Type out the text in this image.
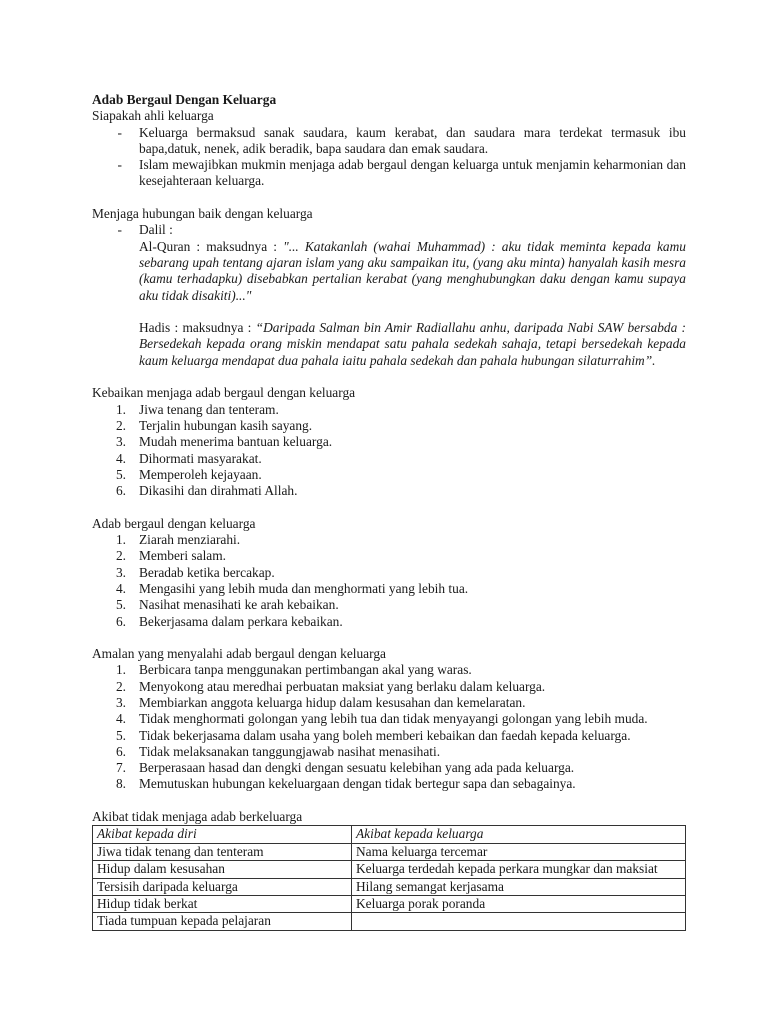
Adab Bergaul Dengan Keluarga

Siapakah ahli keluarga

- Keluarga bermaksud sanak saudara, kaum kerabat, dan saudara mara terdekat termasuk ibu bapa,datuk, nenek, adik beradik, bapa saudara dan emak saudara.
- Islam mewajibkan mukmin menjaga adab bergaul dengan keluarga untuk menjamin keharmonian dan kesejahteraan keluarga.

Menjaga hubungan baik dengan keluarga

- Dalil :
Al-Quran : maksudnya : "... Katakanlah (wahai Muhammad) : aku tidak meminta kepada kamu sebarang upah tentang ajaran islam yang aku sampaikan itu, (yang aku minta) hanyalah kasih mesra (kamu terhadapku) disebabkan pertalian kerabat (yang menghubungkan daku dengan kamu supaya aku tidak disakiti)..."
Hadis : maksudnya : “Daripada Salman bin Amir Radiallahu anhu, daripada Nabi SAW bersabda : Bersedekah kepada orang miskin mendapat satu pahala sedekah sahaja, tetapi bersedekah kepada kaum keluarga mendapat dua pahala iaitu pahala sedekah dan pahala hubungan silaturrahim”.

Kebaikan menjaga adab bergaul dengan keluarga

1. Jiwa tenang dan tenteram.
2. Terjalin hubungan kasih sayang.
3. Mudah menerima bantuan keluarga.
4. Dihormati masyarakat.
5. Memperoleh kejayaan.
6. Dikasihi dan dirahmati Allah.

Adab bergaul dengan keluarga

1. Ziarah menziarahi.
2. Memberi salam.
3. Beradab ketika bercakap.
4. Mengasihi yang lebih muda dan menghormati yang lebih tua.
5. Nasihat menasihati ke arah kebaikan.
6. Bekerjasama dalam perkara kebaikan.

Amalan yang menyalahi adab bergaul dengan keluarga

1. Berbicara tanpa menggunakan pertimbangan akal yang waras.
2. Menyokong atau meredhai perbuatan maksiat yang berlaku dalam keluarga.
3. Membiarkan anggota keluarga hidup dalam kesusahan dan kemelaratan.
4. Tidak menghormati golongan yang lebih tua dan tidak menyayangi golongan yang lebih muda.
5. Tidak bekerjasama dalam usaha yang boleh memberi kebaikan dan faedah kepada keluarga.
6. Tidak melaksanakan tanggungjawab nasihat menasihati.
7. Berperasaan hasad dan dengki dengan sesuatu kelebihan yang ada pada keluarga.
8. Memutuskan hubungan kekeluargaan dengan tidak bertegur sapa dan sebagainya.

Akibat tidak menjaga adab berkeluarga

Akibat kepada diri	Akibat kepada keluarga
Jiwa tidak tenang dan tenteram	Nama keluarga tercemar
Hidup dalam kesusahan	Keluarga terdedah kepada perkara mungkar dan maksiat
Tersisih daripada keluarga	Hilang semangat kerjasama
Hidup tidak berkat	Keluarga porak poranda
Tiada tumpuan kepada pelajaran	
